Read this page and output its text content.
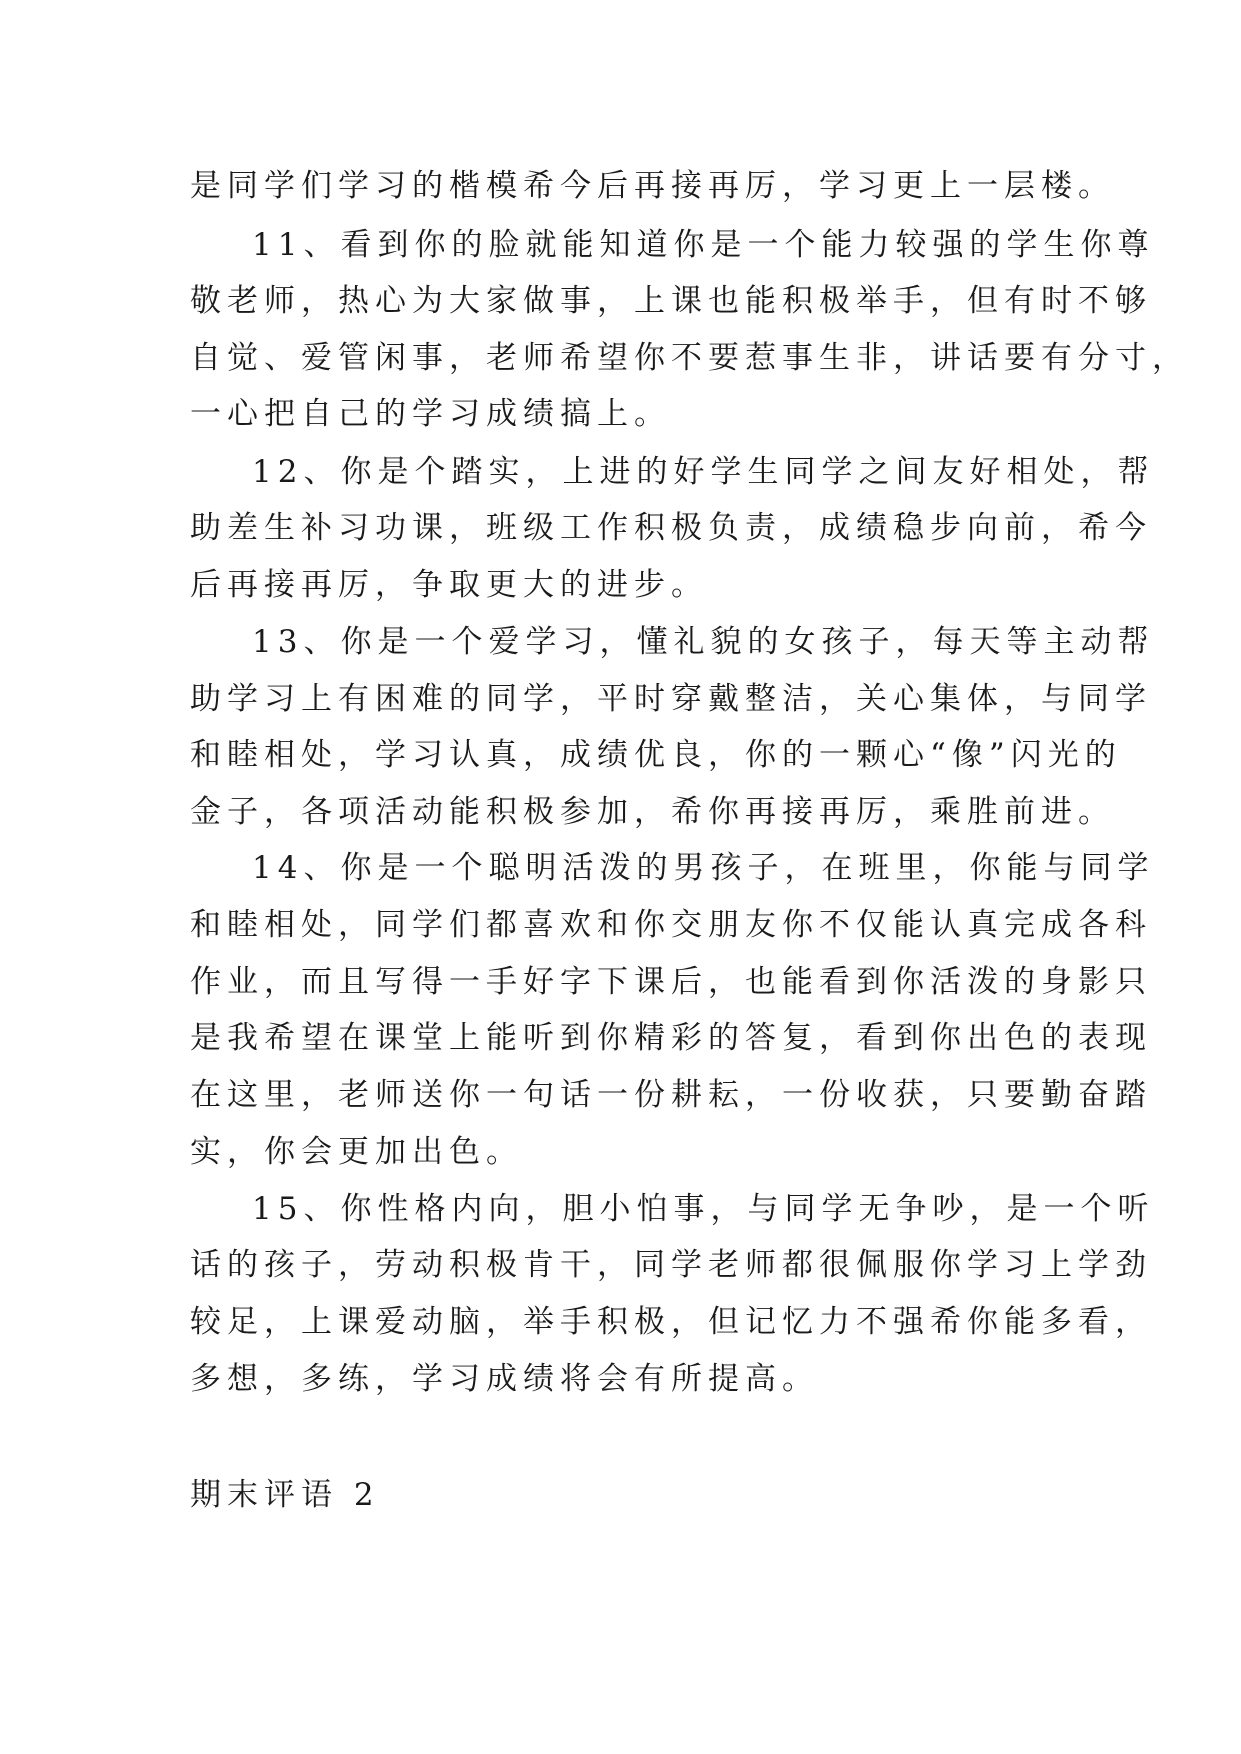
是同学们学习的楷模希今后再接再厉，学习更上一层楼。
11、看到你的脸就能知道你是一个能力较强的学生你尊
敬老师，热心为大家做事，上课也能积极举手，但有时不够
自觉、爱管闲事，老师希望你不要惹事生非，讲话要有分寸，
一心把自己的学习成绩搞上。
12、你是个踏实，上进的好学生同学之间友好相处，帮
助差生补习功课，班级工作积极负责，成绩稳步向前，希今
后再接再厉，争取更大的进步。
13、你是一个爱学习，懂礼貌的女孩子，每天等主动帮
助学习上有困难的同学，平时穿戴整洁，关心集体，与同学
和睦相处，学习认真，成绩优良，你的一颗心“像”闪光的
金子，各项活动能积极参加，希你再接再厉，乘胜前进。
14、你是一个聪明活泼的男孩子，在班里，你能与同学
和睦相处，同学们都喜欢和你交朋友你不仅能认真完成各科
作业，而且写得一手好字下课后，也能看到你活泼的身影只
是我希望在课堂上能听到你精彩的答复，看到你出色的表现
在这里，老师送你一句话一份耕耘，一份收获，只要勤奋踏
实，你会更加出色。
15、你性格内向，胆小怕事，与同学无争吵，是一个听
话的孩子，劳动积极肯干，同学老师都很佩服你学习上学劲
较足，上课爱动脑，举手积极，但记忆力不强希你能多看，
多想，多练，学习成绩将会有所提高。
期末评语 2
